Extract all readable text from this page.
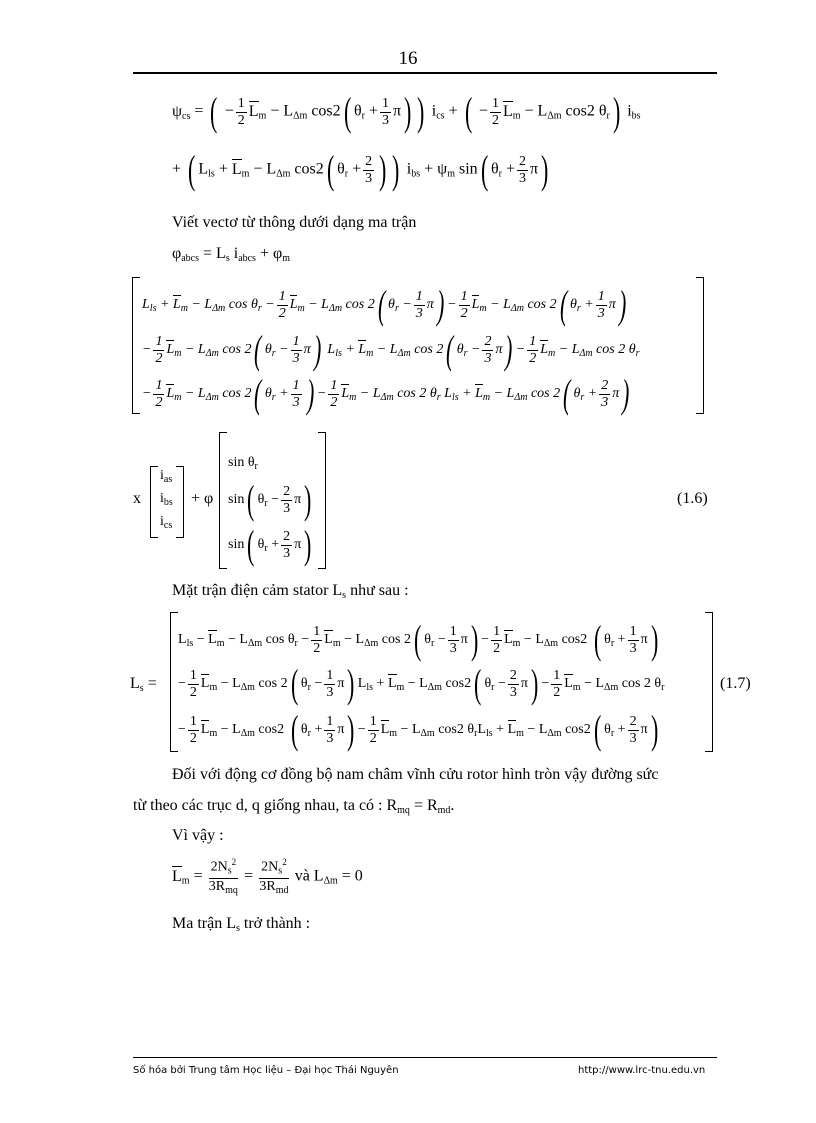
16
$\psi_{cs}$ = ( − $\frac{1}{2} L_m - L_{\Delta m}$ cos2( $\theta_r + \frac{1}{3} \pi$) ) $i_{cs}$ + ( − $\frac{1}{2} L_m - L_{\Delta m}$ cos2 $\theta_r$) $i_{bs}$
+ ( $L_{ls} + L_m - L_{\Delta m}$ cos2( $\theta_r + \frac{2}{3}$ ) ) $i_{bs} + \psi_m$ sin( $\theta_r + \frac{2}{3} \pi$)
Viết vectơ từ thông dưới dạng ma trận
$\varphi_{abcs} = L_s$ $i_{abcs} + \varphi_m$
$L_{ls} + L_m - L_{\Delta m}$ $\cos \theta_r - \frac{1}{2} L_m - L_{\Delta m}$ cos 2( $\theta_r - \frac{1}{3} \pi) - \frac{1}{2} L_m - L_{\Delta m}$ cos 2( $\theta_r + \frac{1}{3} \pi$)
− $\frac{1}{2} L_m - L_{\Delta m}$ cos 2( $\theta_r - \frac{1}{3} \pi$) $L_{ls} + L_m - L_{\Delta m}$ cos 2( $\theta_r - \frac{2}{3} \pi) - \frac{1}{2} L_m - L_{\Delta m}$ cos 2 $\theta_r$
− $\frac{1}{2} L_m - L_{\Delta m}$ cos 2( $\theta_r + \frac{1}{3}$ ) − $\frac{1}{2} L_m - L_{\Delta m}$ cos 2 $\theta_r$ $L_{ls} + L_m - L_{\Delta m}$ cos 2( $\theta_r + \frac{2}{3} \pi$)
x
$i_{as}$
$i_{bs}$
$i_{cs}$
+ φ
$\sin \theta_r$
sin( $\theta_r - \frac{2}{3} \pi$)
sin( $\theta_r + \frac{2}{3} \pi$)
(1.6)
Mặt trận điện cảm stator $L_s$ như sau :
$L_s$ =
$L_{ls} - L_m - L_{\Delta m}$ $\cos \theta_r - \frac{1}{2} L_m - L_{\Delta m}$ cos 2( $\theta_r - \frac{1}{3} \pi) - \frac{1}{2} L_m - L_{\Delta m}$ cos2 ( $\theta_r + \frac{1}{3} \pi$)
− $\frac{1}{2} L_m - L_{\Delta m}$ cos 2( $\theta_r - \frac{1}{3} \pi$) $L_{ls} + L_m - L_{\Delta m}$ cos2( $\theta_r - \frac{2}{3} \pi) - \frac{1}{2} L_m - L_{\Delta m}$ cos 2 $\theta_r$
− $\frac{1}{2} L_m - L_{\Delta m}$ cos2 ( $\theta_r + \frac{1}{3} \pi) - \frac{1}{2} L_m - L_{\Delta m}$ cos2 $\theta_rL_{ls} + L_m - L_{\Delta m}$ cos2( $\theta_r + \frac{2}{3} \pi$)
(1.7)
Đối với động cơ đồng bộ nam châm vĩnh cửu rotor hình tròn vậy đường sức
từ theo các trục d, q giống nhau, ta có : $R_{mq} = R_{md}$.
Vì vậy :
$L_m$ =
$2N_s^2$
$3R_{mq}$
=
$2N_s^2$
$3R_{md}$
và $L_{\Delta m} = 0$
Ma trận $L_s$ trở thành :
Số hóa bởi Trung tâm Học liệu – Đại học Thái Nguyên	http://www.lrc-tnu.edu.vn
